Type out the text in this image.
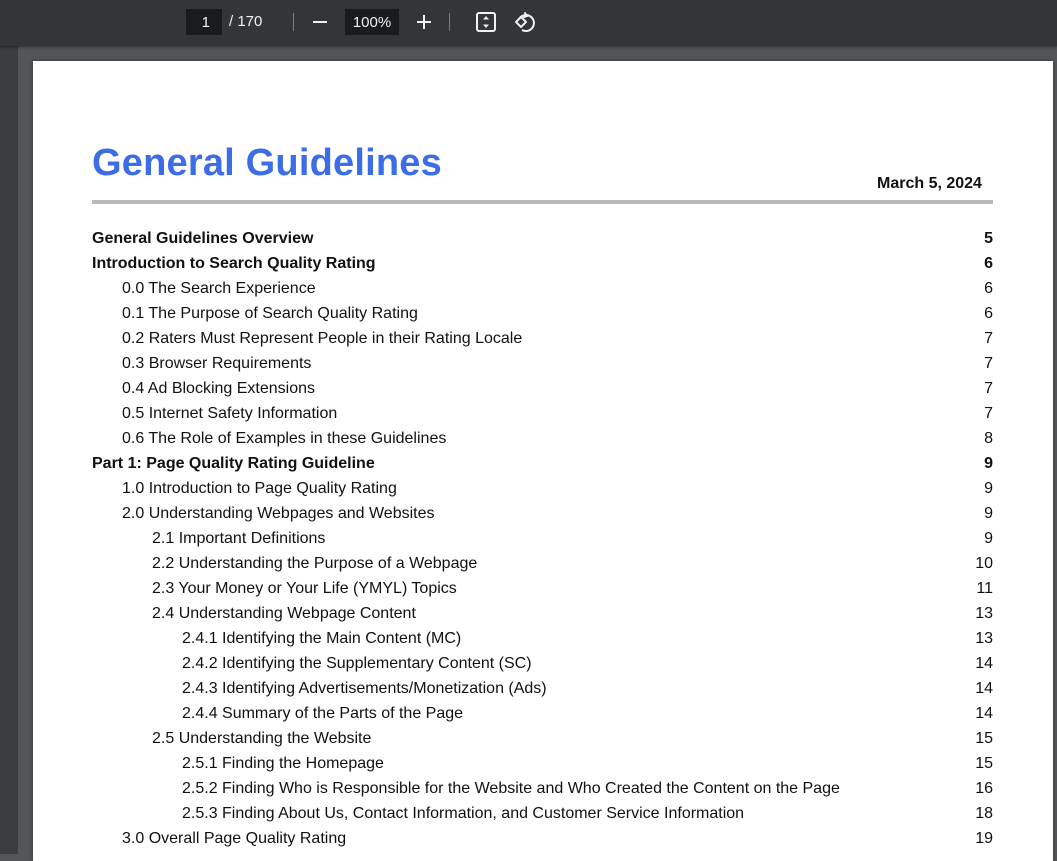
1
/ 170	100%
General Guidelines	March 5, 2024
General Guidelines Overview	5
Introduction to Search Quality Rating	6
0.0 The Search Experience	6
0.1 The Purpose of Search Quality Rating	6
0.2 Raters Must Represent People in their Rating Locale	7
0.3 Browser Requirements	7
0.4 Ad Blocking Extensions	7
0.5 Internet Safety Information	7
0.6 The Role of Examples in these Guidelines	8
Part 1: Page Quality Rating Guideline	9
1.0 Introduction to Page Quality Rating	9
2.0 Understanding Webpages and Websites	9
2.1 Important Definitions	9
2.2 Understanding the Purpose of a Webpage	10
2.3 Your Money or Your Life (YMYL) Topics	11
2.4 Understanding Webpage Content	13
2.4.1 Identifying the Main Content (MC)	13
2.4.2 Identifying the Supplementary Content (SC)	14
2.4.3 Identifying Advertisements/Monetization (Ads)	14
2.4.4 Summary of the Parts of the Page	14
2.5 Understanding the Website	15
2.5.1 Finding the Homepage	15
2.5.2 Finding Who is Responsible for the Website and Who Created the Content on the Page	16
2.5.3 Finding About Us, Contact Information, and Customer Service Information	18
3.0 Overall Page Quality Rating	19
